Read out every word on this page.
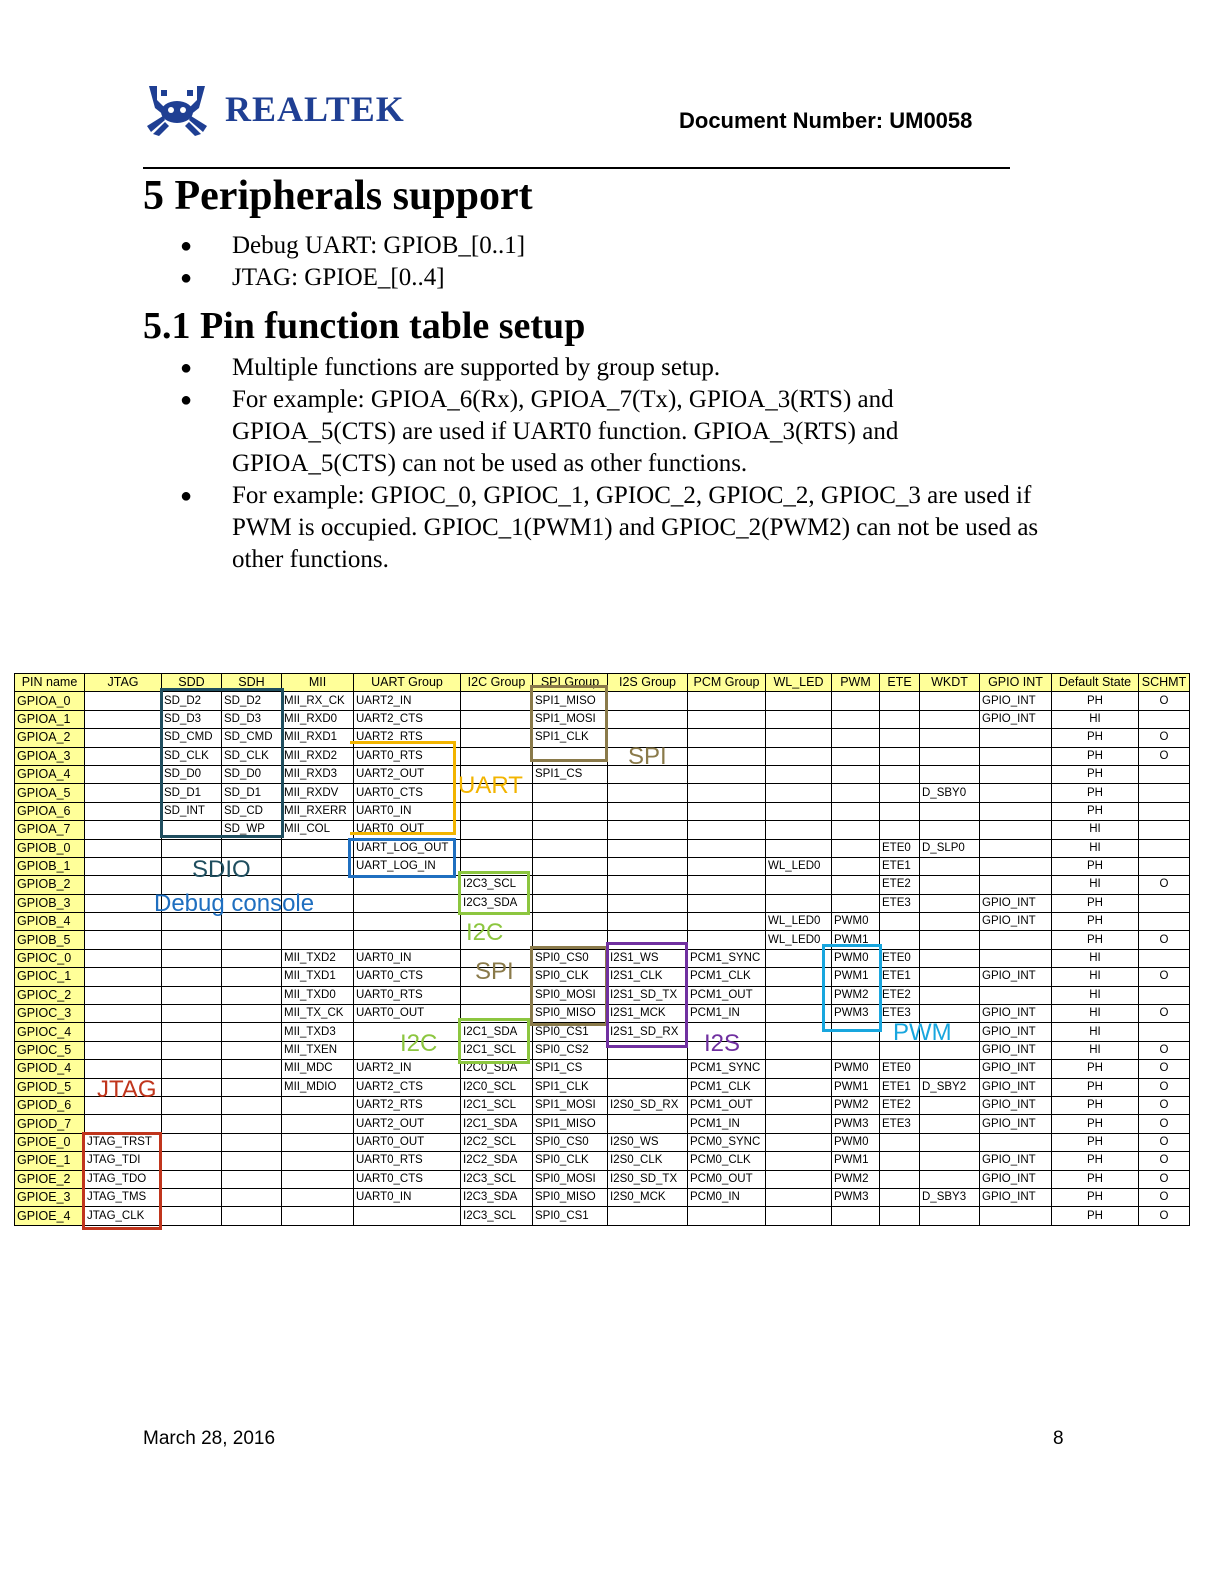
REALTEK	Document Number: UM0058
5 Peripherals support
● Debug UART: GPIOB_[0..1]
● JTAG: GPIOE_[0..4]
5.1 Pin function table setup
● Multiple functions are supported by group setup.
● For example: GPIOA_6(Rx), GPIOA_7(Tx), GPIOA_3(RTS) and GPIOA_5(CTS) are used if UART0 function. GPIOA_3(RTS) and GPIOA_5(CTS) can not be used as other functions.
● For example: GPIOC_0, GPIOC_1, GPIOC_2, GPIOC_2, GPIOC_3 are used if PWM is occupied. GPIOC_1(PWM1) and GPIOC_2(PWM2) can not be used as other functions.
PIN name	JTAG	SDD	SDH	MII	UART Group	I2C Group	SPI Group	I2S Group	PCM Group	WL_LED	PWM	ETE	WKDT	GPIO INT	Default State	SCHMT
GPIOA_0		SD_D2	SD_D2	MII_RX_CK	UART2_IN		SPI1_MISO							GPIO_INT	PH	O
GPIOA_1		SD_D3	SD_D3	MII_RXD0	UART2_CTS		SPI1_MOSI							GPIO_INT	HI	
GPIOA_2		SD_CMD	SD_CMD	MII_RXD1	UART2_RTS		SPI1_CLK								PH	O
GPIOA_3		SD_CLK	SD_CLK	MII_RXD2	UART0_RTS										PH	O
GPIOA_4		SD_D0	SD_D0	MII_RXD3	UART2_OUT		SPI1_CS								PH	
GPIOA_5		SD_D1	SD_D1	MII_RXDV	UART0_CTS								D_SBY0		PH	
GPIOA_6		SD_INT	SD_CD	MII_RXERR	UART0_IN										PH	
GPIOA_7			SD_WP	MII_COL	UART0_OUT										HI	
GPIOB_0					UART_LOG_OUT							ETE0	D_SLP0		HI	
GPIOB_1					UART_LOG_IN					WL_LED0		ETE1			PH	
GPIOB_2						I2C3_SCL						ETE2			HI	O
GPIOB_3						I2C3_SDA						ETE3		GPIO_INT	PH	
GPIOB_4										WL_LED0	PWM0			GPIO_INT	PH	
GPIOB_5										WL_LED0	PWM1				PH	O
GPIOC_0				MII_TXD2	UART0_IN		SPI0_CS0	I2S1_WS	PCM1_SYNC		PWM0	ETE0			HI	
GPIOC_1				MII_TXD1	UART0_CTS		SPI0_CLK	I2S1_CLK	PCM1_CLK		PWM1	ETE1		GPIO_INT	HI	O
GPIOC_2				MII_TXD0	UART0_RTS		SPI0_MOSI	I2S1_SD_TX	PCM1_OUT		PWM2	ETE2			HI	
GPIOC_3				MII_TX_CK	UART0_OUT		SPI0_MISO	I2S1_MCK	PCM1_IN		PWM3	ETE3		GPIO_INT	HI	O
GPIOC_4				MII_TXD3		I2C1_SDA	SPI0_CS1	I2S1_SD_RX						GPIO_INT	HI	
GPIOC_5				MII_TXEN		I2C1_SCL	SPI0_CS2							GPIO_INT	HI	O
GPIOD_4				MII_MDC	UART2_IN	I2C0_SDA	SPI1_CS		PCM1_SYNC		PWM0	ETE0		GPIO_INT	PH	O
GPIOD_5				MII_MDIO	UART2_CTS	I2C0_SCL	SPI1_CLK		PCM1_CLK		PWM1	ETE1	D_SBY2	GPIO_INT	PH	O
GPIOD_6					UART2_RTS	I2C1_SCL	SPI1_MOSI	I2S0_SD_RX	PCM1_OUT		PWM2	ETE2		GPIO_INT	PH	O
GPIOD_7					UART2_OUT	I2C1_SDA	SPI1_MISO		PCM1_IN		PWM3	ETE3		GPIO_INT	PH	O
GPIOE_0	JTAG_TRST				UART0_OUT	I2C2_SCL	SPI0_CS0	I2S0_WS	PCM0_SYNC		PWM0				PH	O
GPIOE_1	JTAG_TDI				UART0_RTS	I2C2_SDA	SPI0_CLK	I2S0_CLK	PCM0_CLK		PWM1			GPIO_INT	PH	O
GPIOE_2	JTAG_TDO				UART0_CTS	I2C3_SCL	SPI0_MOSI	I2S0_SD_TX	PCM0_OUT		PWM2			GPIO_INT	PH	O
GPIOE_3	JTAG_TMS				UART0_IN	I2C3_SDA	SPI0_MISO	I2S0_MCK	PCM0_IN		PWM3		D_SBY3	GPIO_INT	PH	O
GPIOE_4	JTAG_CLK					I2C3_SCL	SPI0_CS1								PH	O
SDIO
Debug console
UART
SPI
I2C
SPI
I2C	I2S	PWM
JTAG
March 28, 2016	8
